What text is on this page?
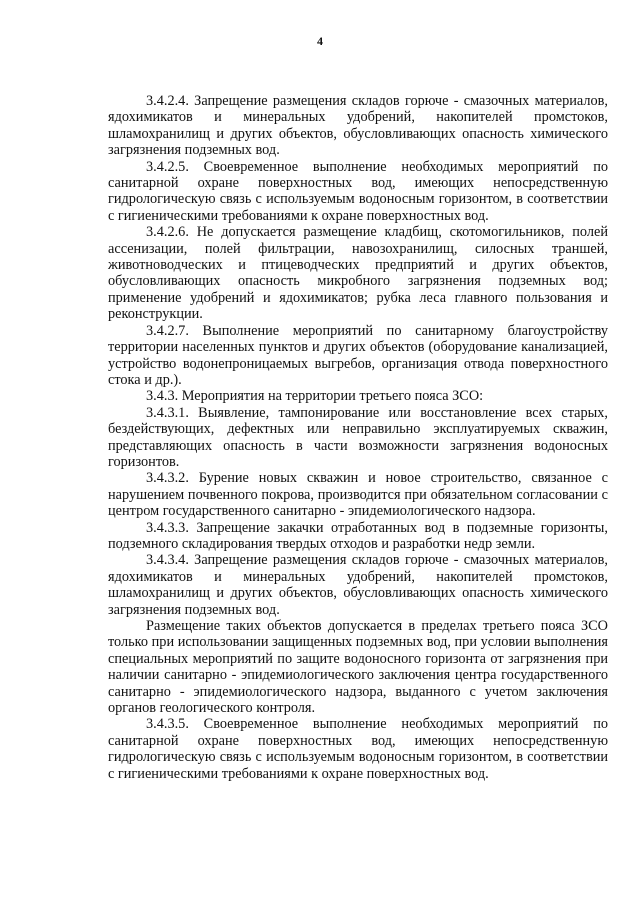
4

3.4.2.4. Запрещение размещения складов горюче - смазочных материалов, ядохимикатов и минеральных удобрений, накопителей промстоков, шламохранилищ и других объектов, обусловливающих опасность химического загрязнения подземных вод.

3.4.2.5. Своевременное выполнение необходимых мероприятий по санитарной охране поверхностных вод, имеющих непосредственную гидрологическую связь с используемым водоносным горизонтом, в соответствии с гигиеническими требованиями к охране поверхностных вод.

3.4.2.6. Не допускается размещение кладбищ, скотомогильников, полей ассенизации, полей фильтрации, навозохранилищ, силосных траншей, животноводческих и птицеводческих предприятий и других объектов, обусловливающих опасность микробного загрязнения подземных вод; применение удобрений и ядохимикатов; рубка леса главного пользования и реконструкции.

3.4.2.7. Выполнение мероприятий по санитарному благоустройству территории населенных пунктов и других объектов (оборудование канализацией, устройство водонепроницаемых выгребов, организация отвода поверхностного стока и др.).

3.4.3. Мероприятия на территории третьего пояса ЗСО:

3.4.3.1. Выявление, тампонирование или восстановление всех старых, бездействующих, дефектных или неправильно эксплуатируемых скважин, представляющих опасность в части возможности загрязнения водоносных горизонтов.

3.4.3.2. Бурение новых скважин и новое строительство, связанное с нарушением почвенного покрова, производится при обязательном согласовании с центром государственного санитарно - эпидемиологического надзора.

3.4.3.3. Запрещение закачки отработанных вод в подземные горизонты, подземного складирования твердых отходов и разработки недр земли.

3.4.3.4. Запрещение размещения складов горюче - смазочных материалов, ядохимикатов и минеральных удобрений, накопителей промстоков, шламохранилищ и других объектов, обусловливающих опасность химического загрязнения подземных вод.

Размещение таких объектов допускается в пределах третьего пояса ЗСО только при использовании защищенных подземных вод, при условии выполнения специальных мероприятий по защите водоносного горизонта от загрязнения при наличии санитарно - эпидемиологического заключения центра государственного санитарно - эпидемиологического надзора, выданного с учетом заключения органов геологического контроля.

3.4.3.5. Своевременное выполнение необходимых мероприятий по санитарной охране поверхностных вод, имеющих непосредственную гидрологическую связь с используемым водоносным горизонтом, в соответствии с гигиеническими требованиями к охране поверхностных вод.
